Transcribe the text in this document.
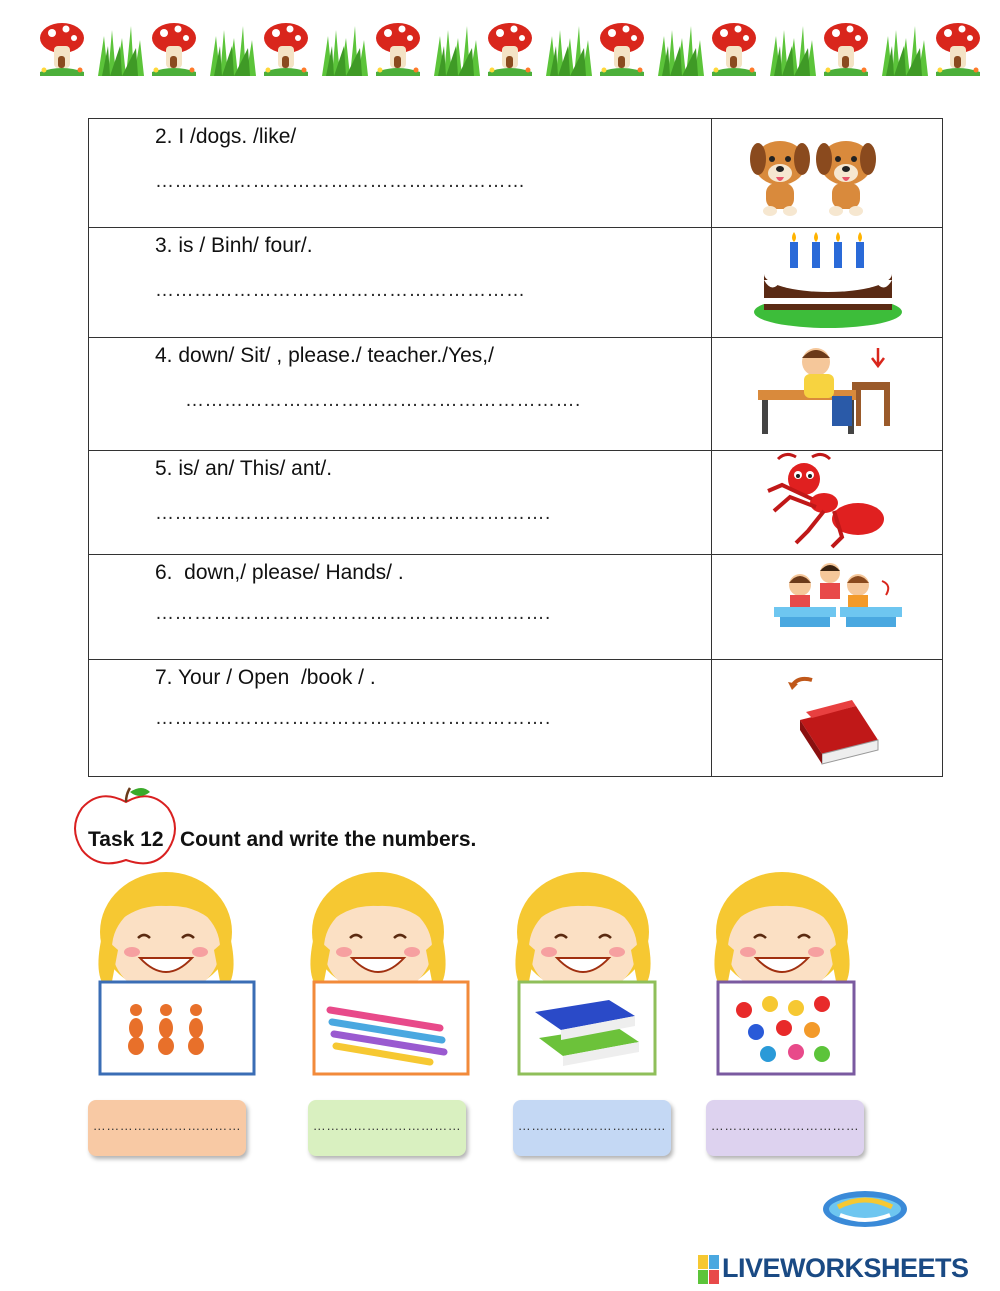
2. I /dogs. /like/
…………………………………………………

3. is / Binh/ four/.
…………………………………………………

4. down/ Sit/ , please./ teacher./Yes,/
…………………………………………………….

5. is/ an/ This/ ant/.
…………………………………………………….

6.  down,/ please/ Hands/ .
…………………………………………………….

7. Your / Open  /book / .
…………………………………………………….

Task 12 Count and write the numbers.
……………………………	……………………………	……………………………	……………………………
LIVEWORKSHEETS
